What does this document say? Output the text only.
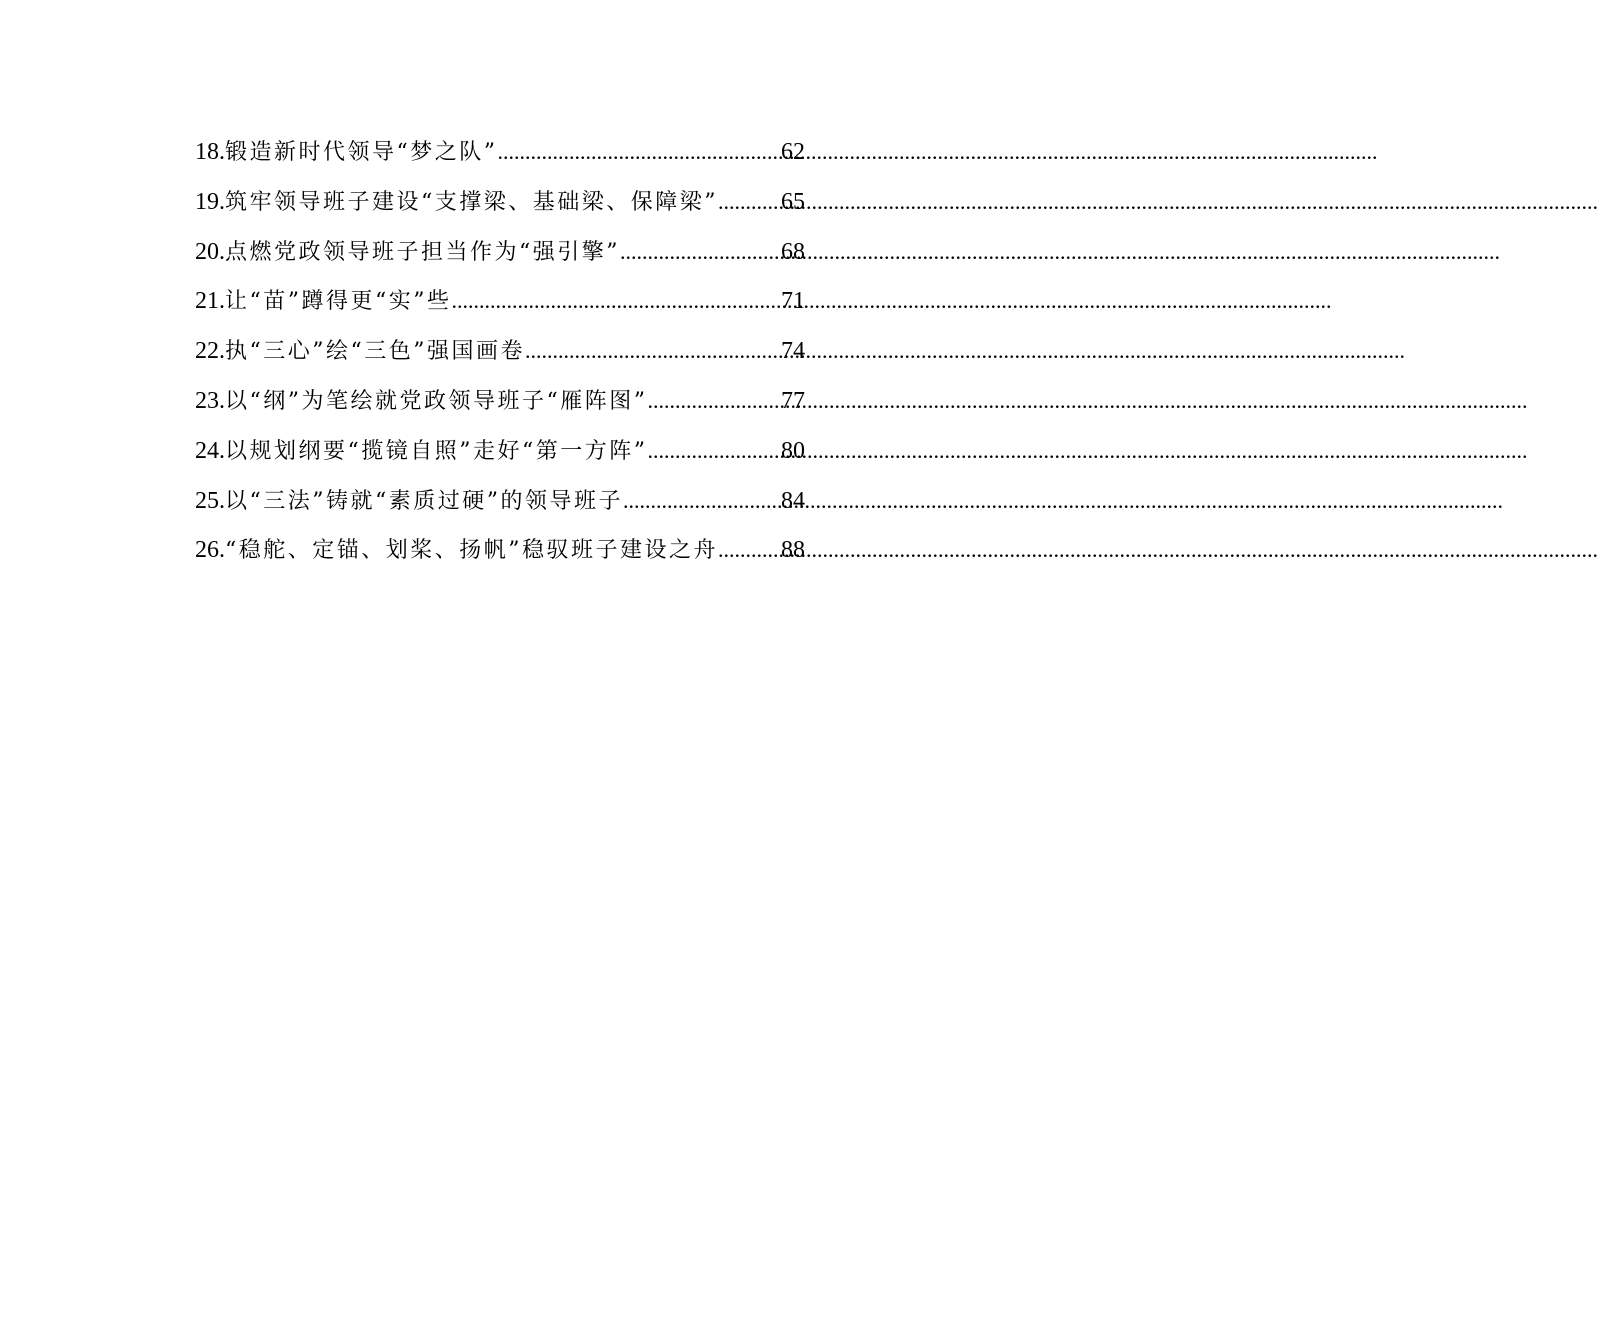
18. 锻造新时代领导“梦之队” .....	62
19. 筑牢领导班子建设“支撑梁、基础梁、保障梁” .....	65
20. 点燃党政领导班子担当作为“强引擎” .....	68
21. 让“苗”蹲得更“实”些 .....	71
22. 执“三心”绘“三色”强国画卷 .....	74
23. 以“纲”为笔绘就党政领导班子“雁阵图” .....	77
24. 以规划纲要“揽镜自照”走好“第一方阵” .....	80
25. 以“三法”铸就“素质过硬”的领导班子 .....	84
26. “稳舵、定锚、划桨、扬帆”稳驭班子建设之舟 .....	88
